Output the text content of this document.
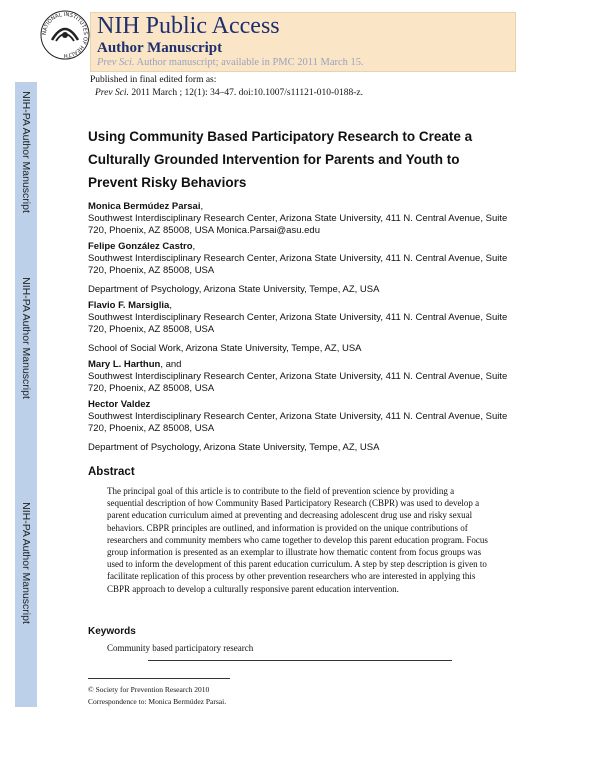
NIH-PA Author Manuscript
NIH-PA Author Manuscript
NIH-PA Author Manuscript
NATIONAL INSTITUTES OF HEALTH
NIH Public Access
Author Manuscript
Prev Sci. Author manuscript; available in PMC 2011 March 15.
Published in final edited form as:
Prev Sci. 2011 March ; 12(1): 34–47. doi:10.1007/s11121-010-0188-z.
Using Community Based Participatory Research to Create a Culturally Grounded Intervention for Parents and Youth to Prevent Risky Behaviors
Monica Bermúdez Parsai,
Southwest Interdisciplinary Research Center, Arizona State University, 411 N. Central Avenue, Suite 720, Phoenix, AZ 85008, USA Monica.Parsai@asu.edu
Felipe González Castro,
Southwest Interdisciplinary Research Center, Arizona State University, 411 N. Central Avenue, Suite 720, Phoenix, AZ 85008, USA
Department of Psychology, Arizona State University, Tempe, AZ, USA
Flavio F. Marsiglia,
Southwest Interdisciplinary Research Center, Arizona State University, 411 N. Central Avenue, Suite 720, Phoenix, AZ 85008, USA
School of Social Work, Arizona State University, Tempe, AZ, USA
Mary L. Harthun, and
Southwest Interdisciplinary Research Center, Arizona State University, 411 N. Central Avenue, Suite 720, Phoenix, AZ 85008, USA
Hector Valdez
Southwest Interdisciplinary Research Center, Arizona State University, 411 N. Central Avenue, Suite 720, Phoenix, AZ 85008, USA
Department of Psychology, Arizona State University, Tempe, AZ, USA
Abstract

The principal goal of this article is to contribute to the field of prevention science by providing a sequential description of how Community Based Participatory Research (CBPR) was used to develop a parent education curriculum aimed at preventing and decreasing adolescent drug use and risky sexual behaviors. CBPR principles are outlined, and information is provided on the unique contributions of researchers and community members who came together to develop this parent education program. Focus group information is presented as an exemplar to illustrate how thematic content from focus groups was used to inform the development of this parent education curriculum. A step by step description is given to facilitate replication of this process by other prevention researchers who are interested in applying this CBPR approach to develop a culturally responsive parent education intervention.

Keywords
Community based participatory research
© Society for Prevention Research 2010
Correspondence to: Monica Bermúdez Parsai.
